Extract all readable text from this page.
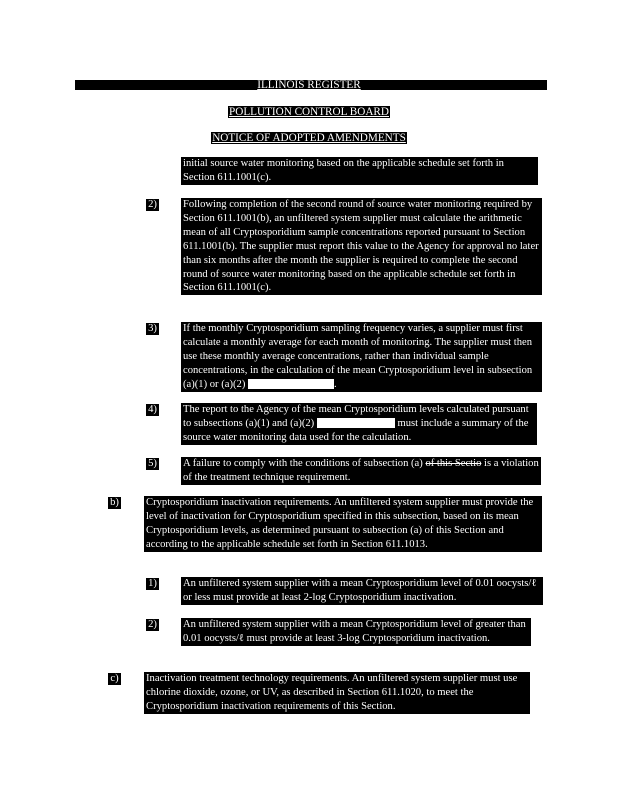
ILLINOIS REGISTER
POLLUTION CONTROL BOARD
NOTICE OF ADOPTED AMENDMENTS
initial source water monitoring based on the applicable schedule set forth in Section 611.1001(c).
2) Following completion of the second round of source water monitoring required by Section 611.1001(b), an unfiltered system supplier must calculate the arithmetic mean of all Cryptosporidium sample concentrations reported pursuant to Section 611.1001(b). The supplier must report this value to the Agency for approval no later than six months after the month the supplier is required to complete the second round of source water monitoring based on the applicable schedule set forth in Section 611.1001(c).
3) If the monthly Cryptosporidium sampling frequency varies, a supplier must first calculate a monthly average for each month of monitoring. The supplier must then use these monthly average concentrations, rather than individual sample concentrations, in the calculation of the mean Cryptosporidium level in subsection (a)(1) or (a)(2)	.
4) The report to the Agency of the mean Cryptosporidium levels calculated pursuant to subsections (a)(1) and (a)(2)	must include a summary of the source water monitoring data used for the calculation.
5) A failure to comply with the conditions of subsection (a) of this Sectio is a violation of the treatment technique requirement.
b)	Cryptosporidium inactivation requirements. An unfiltered system supplier must provide the level of inactivation for Cryptosporidium specified in this subsection, based on its mean Cryptosporidium levels, as determined pursuant to subsection (a) of this Section and according to the applicable schedule set forth in Section 611.1013.
1) An unfiltered system supplier with a mean Cryptosporidium level of 0.01 oocysts/ℓ or less must provide at least 2-log Cryptosporidium inactivation.
2) An unfiltered system supplier with a mean Cryptosporidium level of greater than 0.01 oocysts/ℓ must provide at least 3-log Cryptosporidium inactivation.
c)	Inactivation treatment technology requirements. An unfiltered system supplier must use chlorine dioxide, ozone, or UV, as described in Section 611.1020, to meet the Cryptosporidium inactivation requirements of this Section.
